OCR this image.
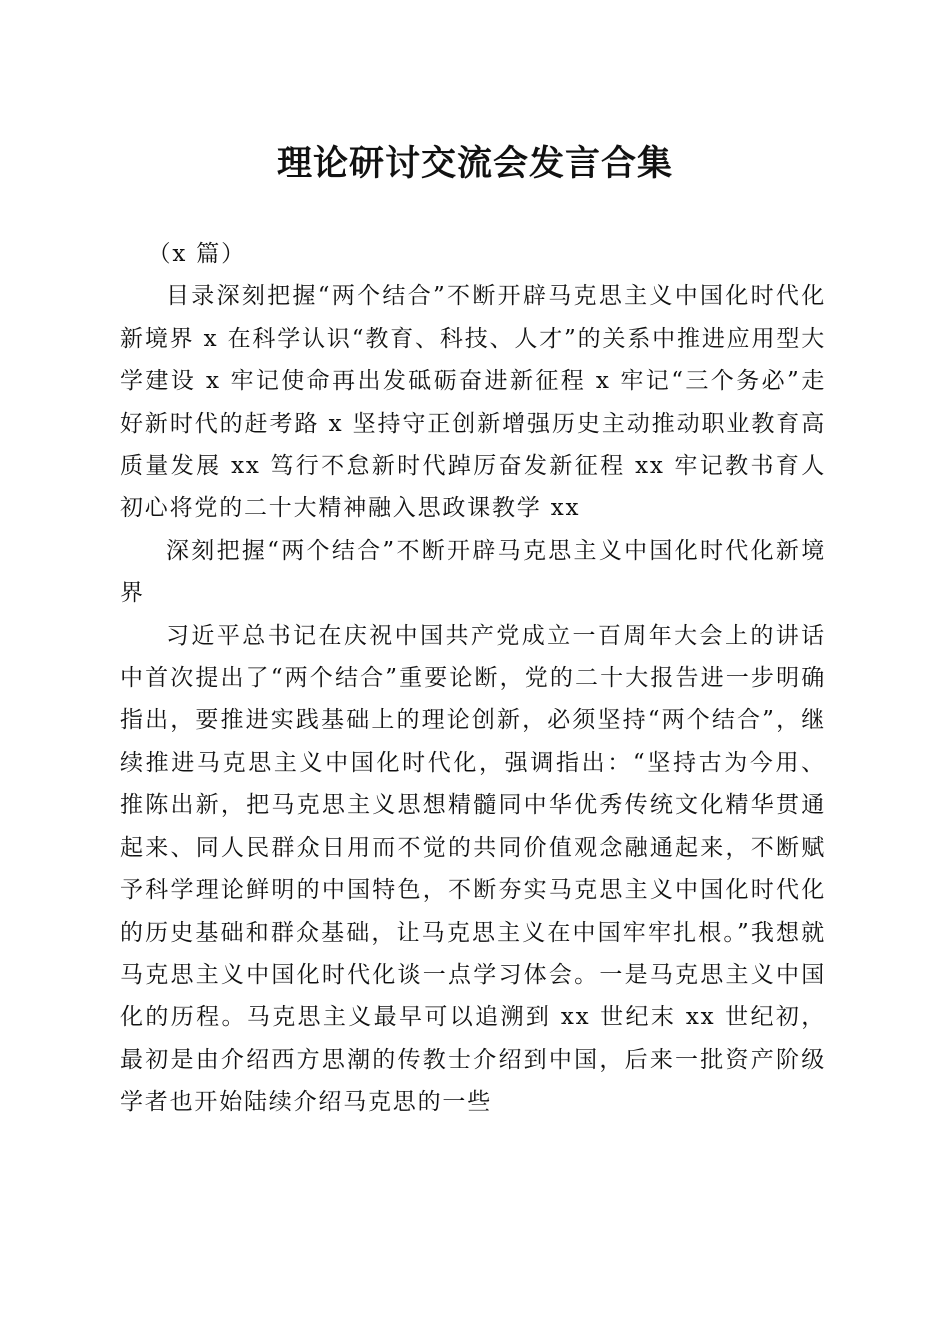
理论研讨交流会发言合集

（x 篇）

目录深刻把握“两个结合”不断开辟马克思主义中国化时代化新境界 x 在科学认识“教育、科技、人才”的关系中推进应用型大学建设 x 牢记使命再出发砥砺奋进新征程 x 牢记“三个务必”走好新时代的赶考路 x 坚持守正创新增强历史主动推动职业教育高质量发展 xx 笃行不怠新时代踔厉奋发新征程 xx 牢记教书育人初心将党的二十大精神融入思政课教学 xx

深刻把握“两个结合”不断开辟马克思主义中国化时代化新境界

习近平总书记在庆祝中国共产党成立一百周年大会上的讲话中首次提出了“两个结合”重要论断，党的二十大报告进一步明确指出，要推进实践基础上的理论创新，必须坚持“两个结合”，继续推进马克思主义中国化时代化，强调指出：“坚持古为今用、推陈出新，把马克思主义思想精髓同中华优秀传统文化精华贯通起来、同人民群众日用而不觉的共同价值观念融通起来，不断赋予科学理论鲜明的中国特色，不断夯实马克思主义中国化时代化的历史基础和群众基础，让马克思主义在中国牢牢扎根。”我想就马克思主义中国化时代化谈一点学习体会。一是马克思主义中国化的历程。马克思主义最早可以追溯到 xx 世纪末 xx 世纪初，最初是由介绍西方思潮的传教士介绍到中国，后来一批资产阶级学者也开始陆续介绍马克思的一些
